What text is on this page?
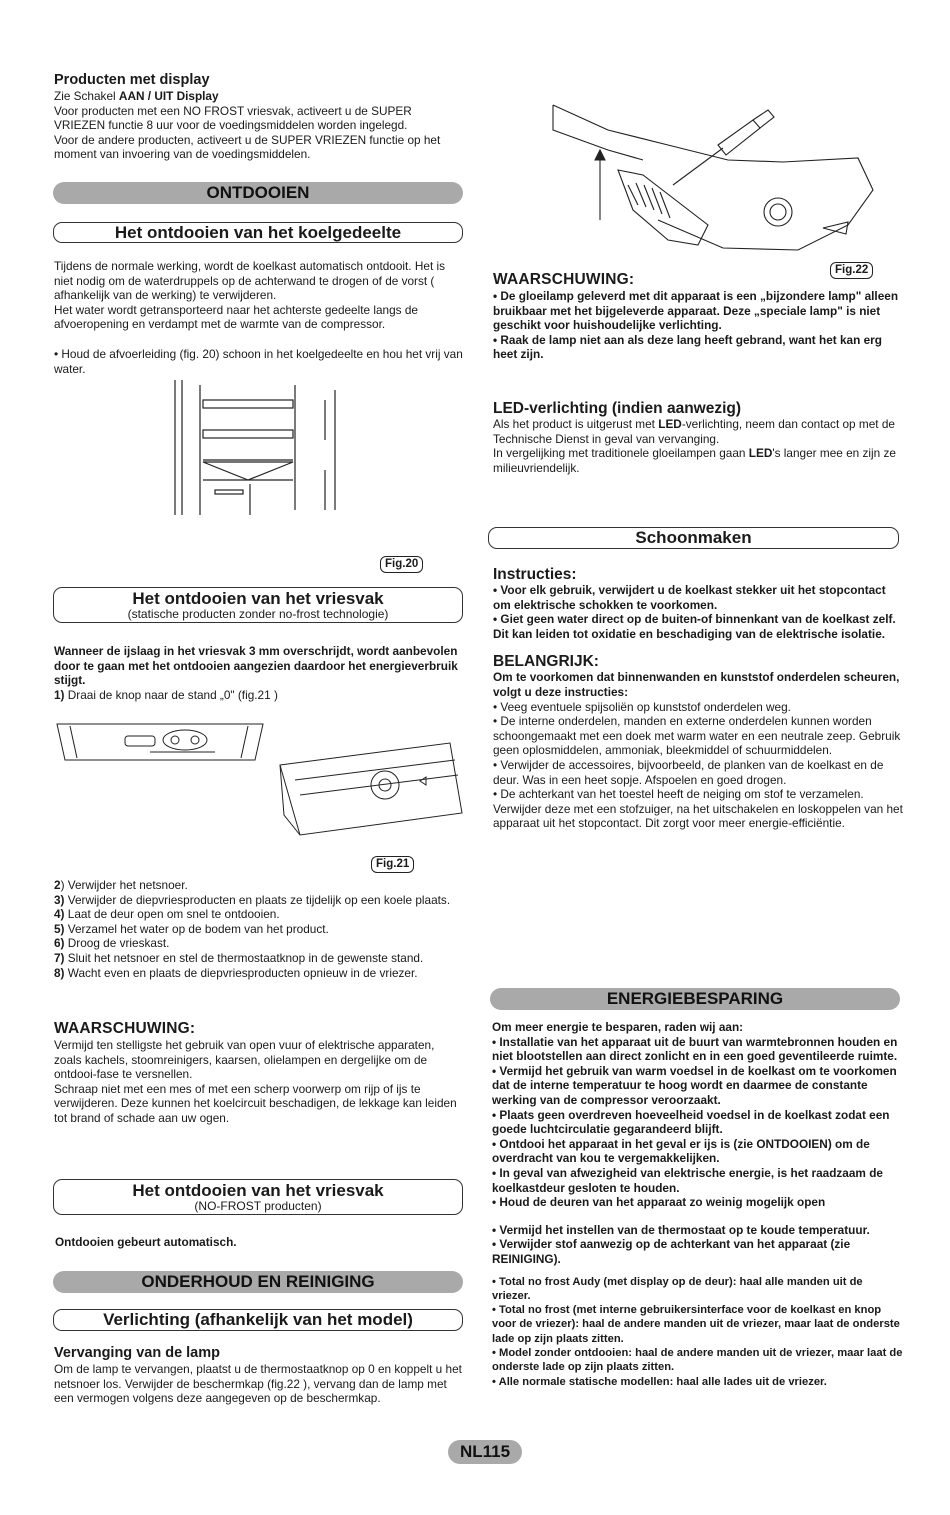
Producten met display

Zie Schakel AAN / UIT Display

Voor producten met een NO FROST vriesvak, activeert u de SUPER VRIEZEN functie 8 uur voor de voedingsmiddelen worden ingelegd.

Voor de andere producten, activeert u de SUPER VRIEZEN functie op het moment van invoering van de voedingsmiddelen.

ONTDOOIEN
Het ontdooien van het koelgedeelte

Tijdens de normale werking, wordt de koelkast automatisch ontdooit. Het is niet nodig om de waterdruppels op de achterwand te drogen of de vorst ( afhankelijk van de werking) te verwijderen.

Het water wordt getransporteerd naar het achterste gedeelte langs de afvoeropening en verdampt met de warmte van de compressor.

• Houd de afvoerleiding (fig. 20) schoon in het koelgedeelte en hou het vrij van water.

Fig.20
Het ontdooien van het vriesvak
(statische producten zonder no-frost technologie)

Wanneer de ijslaag in het vriesvak 3 mm overschrijdt, wordt aanbevolen door te gaan met het ontdooien aangezien daardoor het energieverbruik stijgt.

1) Draai de knop naar de stand „0" (fig.21 )

Fig.21

2) Verwijder het netsnoer.

3) Verwijder de diepvriesproducten en plaats ze tijdelijk op een koele plaats.

4) Laat de deur open om snel te ontdooien.

5) Verzamel het water op de bodem van het product.

6) Droog de vrieskast.

7) Sluit het netsnoer en stel de thermostaatknop in de gewenste stand.

8) Wacht even en plaats de diepvriesproducten opnieuw in de vriezer.

WAARSCHUWING:

Vermijd ten stelligste het gebruik van open vuur of elektrische apparaten, zoals kachels, stoomreinigers, kaarsen, olielampen en dergelijke om de ontdooi-fase te versnellen.

Schraap niet met een mes of met een scherp voorwerp om rijp of ijs te verwijderen. Deze kunnen het koelcircuit beschadigen, de lekkage kan leiden tot brand of schade aan uw ogen.

Het ontdooien van het vriesvak
(NO-FROST producten)

Ontdooien gebeurt automatisch.

ONDERHOUD EN REINIGING
Verlichting (afhankelijk van het model)

Vervanging van de lamp

Om de lamp te vervangen, plaatst u de thermostaatknop op 0 en koppelt u het netsnoer los. Verwijder de beschermkap (fig.22 ), vervang dan de lamp met een vermogen volgens deze aangegeven op de beschermkap.

Fig.22

WAARSCHUWING:

• De gloeilamp geleverd met dit apparaat is een „bijzondere lamp" alleen bruikbaar met het bijgeleverde apparaat. Deze „speciale lamp" is niet geschikt voor huishoudelijke verlichting.

• Raak de lamp niet aan als deze lang heeft gebrand, want het kan erg heet zijn.

LED-verlichting (indien aanwezig)

Als het product is uitgerust met LED-verlichting, neem dan contact op met de Technische Dienst in geval van vervanging.

In vergelijking met traditionele gloeilampen gaan LED's langer mee en zijn ze milieuvriendelijk.

Schoonmaken

Instructies:

• Voor elk gebruik, verwijdert u de koelkast stekker uit het stopcontact om elektrische schokken te voorkomen.

• Giet geen water direct op de buiten-of binnenkant van de koelkast zelf. Dit kan leiden tot oxidatie en beschadiging van de elektrische isolatie.

BELANGRIJK:

Om te voorkomen dat binnenwanden en kunststof onderdelen scheuren, volgt u deze instructies:

• Veeg eventuele spijsoliën op kunststof onderdelen weg.

• De interne onderdelen, manden en externe onderdelen kunnen worden schoongemaakt met een doek met warm water en een neutrale zeep. Gebruik geen oplosmiddelen, ammoniak, bleekmiddel of schuurmiddelen.

• Verwijder de accessoires, bijvoorbeeld, de planken van de koelkast en de deur. Was in een heet sopje. Afspoelen en goed drogen.

• De achterkant van het toestel heeft de neiging om stof te verzamelen. Verwijder deze met een stofzuiger, na het uitschakelen en loskoppelen van het apparaat uit het stopcontact. Dit zorgt voor meer energie-efficiëntie.

ENERGIEBESPARING

Om meer energie te besparen, raden wij aan:

• Installatie van het apparaat uit de buurt van warmtebronnen houden en niet blootstellen aan direct zonlicht en in een goed geventileerde ruimte.

• Vermijd het gebruik van warm voedsel in de koelkast om te voorkomen dat de interne temperatuur te hoog wordt en daarmee de constante werking van de compressor veroorzaakt.

• Plaats geen overdreven hoeveelheid voedsel in de koelkast zodat een goede luchtcirculatie gegarandeerd blijft.

• Ontdooi het apparaat in het geval er ijs is (zie ONTDOOIEN) om de overdracht van kou te vergemakkelijken.

• In geval van afwezigheid van elektrische energie, is het raadzaam de koelkastdeur gesloten te houden.

• Houd de deuren van het apparaat zo weinig mogelijk open

• Vermijd het instellen van de thermostaat op te koude temperatuur.

• Verwijder stof aanwezig op de achterkant van het apparaat (zie REINIGING).

• Total no frost Audy (met display op de deur): haal alle manden uit de vriezer.

• Total no frost (met interne gebruikersinterface voor de koelkast en knop voor de vriezer): haal de andere manden uit de vriezer, maar laat de onderste lade op zijn plaats zitten.

• Model zonder ontdooien: haal de andere manden uit de vriezer, maar laat de onderste lade op zijn plaats zitten.

• Alle normale statische modellen: haal alle lades uit de vriezer.

NL115
